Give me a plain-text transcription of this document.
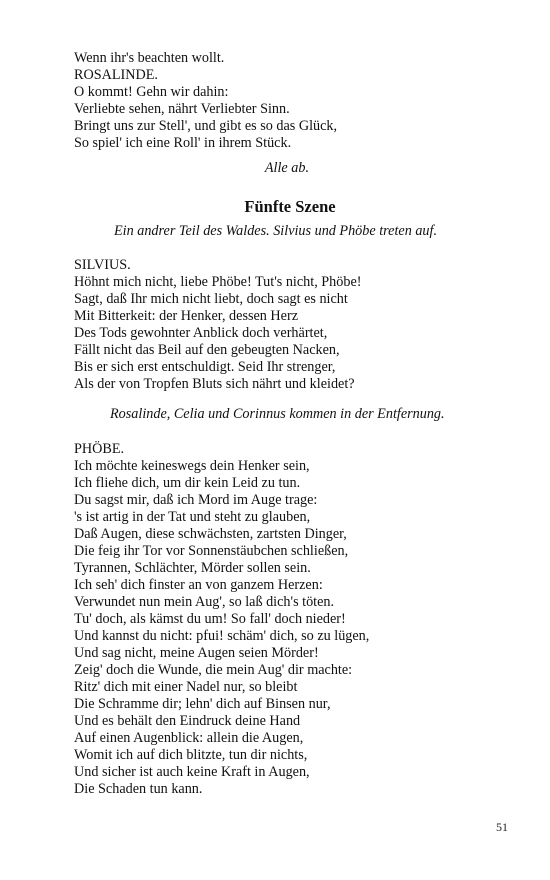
Wenn ihr's beachten wollt.

ROSALINDE.

O kommt! Gehn wir dahin:

Verliebte sehen, nährt Verliebter Sinn.

Bringt uns zur Stell', und gibt es so das Glück,

So spiel' ich eine Roll' in ihrem Stück.

Alle ab.

Fünfte Szene

Ein andrer Teil des Waldes. Silvius und Phöbe treten auf.

SILVIUS.

Höhnt mich nicht, liebe Phöbe! Tut's nicht, Phöbe!

Sagt, daß Ihr mich nicht liebt, doch sagt es nicht

Mit Bitterkeit: der Henker, dessen Herz

Des Tods gewohnter Anblick doch verhärtet,

Fällt nicht das Beil auf den gebeugten Nacken,

Bis er sich erst entschuldigt. Seid Ihr strenger,

Als der von Tropfen Bluts sich nährt und kleidet?

Rosalinde, Celia und Corinnus kommen in der Entfernung.

PHÖBE.

Ich möchte keineswegs dein Henker sein,

Ich fliehe dich, um dir kein Leid zu tun.

Du sagst mir, daß ich Mord im Auge trage:

's ist artig in der Tat und steht zu glauben,

Daß Augen, diese schwächsten, zartsten Dinger,

Die feig ihr Tor vor Sonnenstäubchen schließen,

Tyrannen, Schlächter, Mörder sollen sein.

Ich seh' dich finster an von ganzem Herzen:

Verwundet nun mein Aug', so laß dich's töten.

Tu' doch, als kämst du um! So fall' doch nieder!

Und kannst du nicht: pfui! schäm' dich, so zu lügen,

Und sag nicht, meine Augen seien Mörder!

Zeig' doch die Wunde, die mein Aug' dir machte:

Ritz' dich mit einer Nadel nur, so bleibt

Die Schramme dir; lehn' dich auf Binsen nur,

Und es behält den Eindruck deine Hand

Auf einen Augenblick: allein die Augen,

Womit ich auf dich blitzte, tun dir nichts,

Und sicher ist auch keine Kraft in Augen,

Die Schaden tun kann.

51
